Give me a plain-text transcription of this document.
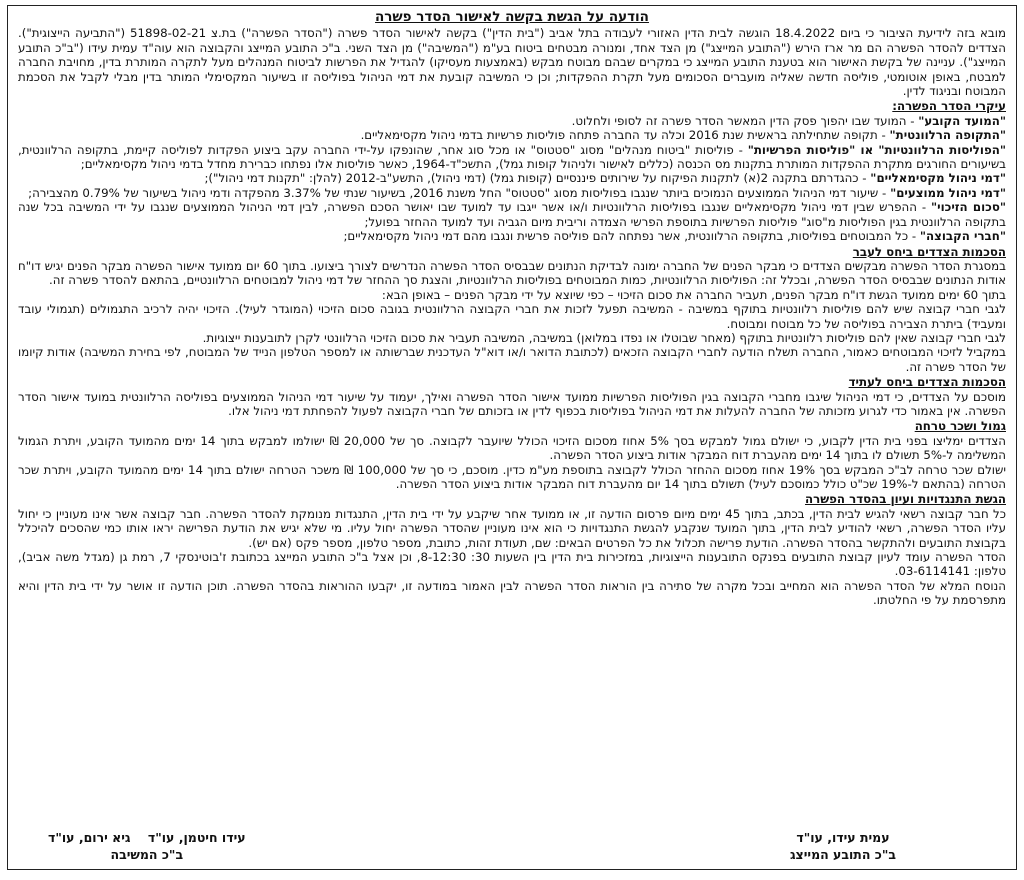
הודעה על הגשת בקשה לאישור הסדר פשרה

מובא בזה לידיעת הציבור כי ביום 18.4.2022 הוגשה לבית הדין האזורי לעבודה בתל אביב ("בית הדין") בקשה לאישור הסדר פשרה ("הסדר הפשרה") בת.צ 51898-02-21 ("התביעה הייצוגית"). הצדדים להסדר הפשרה הם מר ארז הירש ("התובע המייצג") מן הצד אחד, ומנורה מבטחים ביטוח בע"מ ("המשיבה") מן הצד השני. ב"כ התובע המייצג והקבוצה הוא עוה"ד עמית עידו ("ב"כ התובע המייצג"). עניינה של בקשת האישור הוא בטענת התובע המייצג כי במקרים שבהם מבוטח מבקש (באמצעות מעסיקו) להגדיל את הפרשות לביטוח המנהלים מעל לתקרה המותרת בדין, מחויבת החברה למבטח, באופן אוטומטי, פוליסה חדשה שאליה מועברים הסכומים מעל תקרת ההפקדות; וכן כי המשיבה קובעת את דמי הניהול בפוליסה זו בשיעור המקסימלי המותר בדין מבלי לקבל את הסכמת המבוטח ובניגוד לדין.

עיקרי הסדר הפשרה:

"המועד הקובע" - המועד שבו יהפוך פסק הדין המאשר הסדר פשרה זה לסופי ולחלוט.

"התקופה הרלוונטית" - תקופה שתחילתה בראשית שנת 2016 וכלה עד החברה פתחה פוליסות פרשיות בדמי ניהול מקסימאליים.

"הפוליסות הרלוונטיות" או "פוליסות הפרשיות" - פוליסות "ביטוח מנהלים" מסוג "סטטוס" או מכל סוג אחר, שהונפקו על-ידי החברה עקב ביצוע הפקדות לפוליסה קיימת, בתקופה הרלוונטית, בשיעורים החורגים מתקרת ההפקדות המותרת בתקנות מס הכנסה (כללים לאישור ולניהול קופות גמל), התשכ"ד-1964, כאשר פוליסות אלו נפתחו כברירת מחדל בדמי ניהול מקסימאליים;

"דמי ניהול מקסימאליים" - כהגדרתם בתקנה 2(א) לתקנות הפיקוח על שירותים פיננסיים (קופות גמל) (דמי ניהול), התשע"ב-2012 (להלן: "תקנות דמי ניהול");

"דמי ניהול ממוצעים" - שיעור דמי הניהול הממוצעים הנמוכים ביותר שנגבו בפוליסות מסוג "סטטוס" החל משנת 2016, בשיעור שנתי של 3.37% מהפקדה ודמי ניהול בשיעור של 0.79% מהצבירה;

"סכום הזיכוי" - ההפרש שבין דמי ניהול מקסימאליים שנגבו בפוליסות הרלוונטיות ו/או אשר ייגבו עד למועד שבו יאושר הסכם הפשרה, לבין דמי הניהול הממוצעים שנגבו על ידי המשיבה בכל שנה בתקופה הרלוונטית בגין הפוליסות מ"סוג" פוליסות הפרשיות בתוספת הפרשי הצמדה וריבית מיום הגביה ועד למועד ההחזר בפועל;

"חברי הקבוצה" - כל המבוטחים בפוליסות, בתקופה הרלוונטית, אשר נפתחה להם פוליסה פרשית ונגבו מהם דמי ניהול מקסימאליים;

הסכמות הצדדים ביחס לעבר

במסגרת הסדר הפשרה מבקשים הצדדים כי מבקר הפנים של החברה ימונה לבדיקת הנתונים שבבסיס הסדר הפשרה הנדרשים לצורך ביצועו. בתוך 60 יום ממועד אישור הפשרה מבקר הפנים יגיש דו"ח אודות הנתונים שבבסיס הסדר הפשרה, ובכלל זה: הפוליסות הרלוונטיות, כמות המבוטחים בפוליסות הרלוונטיות, והצגת סך ההחזר של דמי ניהול למבוטחים הרלוונטיים, בהתאם להסדר פשרה זה.

בתוך 60 ימים ממועד הגשת דו"ח מבקר הפנים, תעביר החברה את סכום הזיכוי – כפי שיוצא על ידי מבקר הפנים – באופן הבא:

לגבי חברי קבוצה שיש להם פוליסות רלוונטיות בתוקף במשיבה - המשיבה תפעל לזכות את חברי הקבוצה הרלוונטית בגובה סכום הזיכוי (המוגדר לעיל). הזיכוי יהיה לרכיב התגמולים (תגמולי עובד ומעביד) ביתרת הצבירה בפוליסה של כל מבוטח ומבוטח.

לגבי חברי קבוצה שאין להם פוליסות רלוונטיות בתוקף (מאחר שבוטלו או נפדו במלואן) במשיבה, המשיבה תעביר את סכום הזיכוי הרלוונטי לקרן לתובענות ייצוגיות.

במקביל לזיכוי המבוטחים כאמור, החברה תשלח הודעה לחברי הקבוצה הזכאים (לכתובת הדואר ו/או דוא"ל העדכנית שברשותה או למספר הטלפון הנייד של המבוטח, לפי בחירת המשיבה) אודות קיומו של הסדר פשרה זה.

הסכמות הצדדים ביחס לעתיד

מוסכם על הצדדים, כי דמי הניהול שיגבו מחברי הקבוצה בגין הפוליסות הפרשיות ממועד אישור הסדר הפשרה ואילך, יעמוד על שיעור דמי הניהול הממוצעים בפוליסה הרלוונטית במועד אישור הסדר הפשרה. אין באמור כדי לגרוע מזכותה של החברה להעלות את דמי הניהול בפוליסות בכפוף לדין או בזכותם של חברי הקבוצה לפעול להפחתת דמי ניהול אלו.

גמול ושכר טרחה

הצדדים ימליצו בפני בית הדין לקבוע, כי ישולם גמול למבקש בסך 5% אחוז מסכום הזיכוי הכולל שיועבר לקבוצה. סך של 20,000 ₪ ישולמו למבקש בתוך 14 ימים מהמועד הקובע, ויתרת הגמול המשלימה ל-5% תשולם לו בתוך 14 ימים מהעברת דוח המבקר אודות ביצוע הסדר הפשרה.

ישולם שכר טרחה לב"כ המבקש בסך 19% אחוז מסכום ההחזר הכולל לקבוצה בתוספת מע"מ כדין. מוסכם, כי סך של 100,000 ₪ משכר הטרחה ישולם בתוך 14 ימים מהמועד הקובע, ויתרת שכר הטרחה (בהתאם ל-19% שכ"ט כולל כמוסכם לעיל) תשולם בתוך 14 יום מהעברת דוח המבקר אודות ביצוע הסדר הפשרה.

הגשת התנגדויות ועיון בהסדר הפשרה

כל חבר קבוצה רשאי להגיש לבית הדין, בכתב, בתוך 45 ימים מיום פרסום הודעה זו, או ממועד אחר שיקבע על ידי בית הדין, התנגדות מנומקת להסדר הפשרה. חבר קבוצה אשר אינו מעוניין כי יחול עליו הסדר הפשרה, רשאי להודיע לבית הדין, בתוך המועד שנקבע להגשת התנגדויות כי הוא אינו מעוניין שהסדר הפשרה יחול עליו. מי שלא יגיש את הודעת הפרישה יראו אותו כמי שהסכים להיכלל בקבוצת התובעים ולהתקשר בהסדר הפשרה. הודעת פרישה תכלול את כל הפרטים הבאים: שם, תעודת זהות, כתובת, מספר טלפון, מספר פקס (אם יש).

הסדר הפשרה עומד לעיון קבוצת התובעים בפנקס התובענות הייצוגיות, במזכירות בית הדין בין השעות 30: 8-12:30, וכן אצל ב"כ התובע המייצג בכתובת ז'בוטינסקי 7, רמת גן (מגדל משה אביב), טלפון: 03-6114141.

הנוסח המלא של הסדר הפשרה הוא המחייב ובכל מקרה של סתירה בין הוראות הסדר הפשרה לבין האמור במודעה זו, יקבעו ההוראות בהסדר הפשרה. תוכן הודעה זו אושר על ידי בית הדין והיא מתפרסמת על פי החלטתו.

עמית עידו, עו"ד
ב"כ התובע המייצג
עידו חיטמן, עו"ד    גיא ירום, עו"ד
ב"כ המשיבה
